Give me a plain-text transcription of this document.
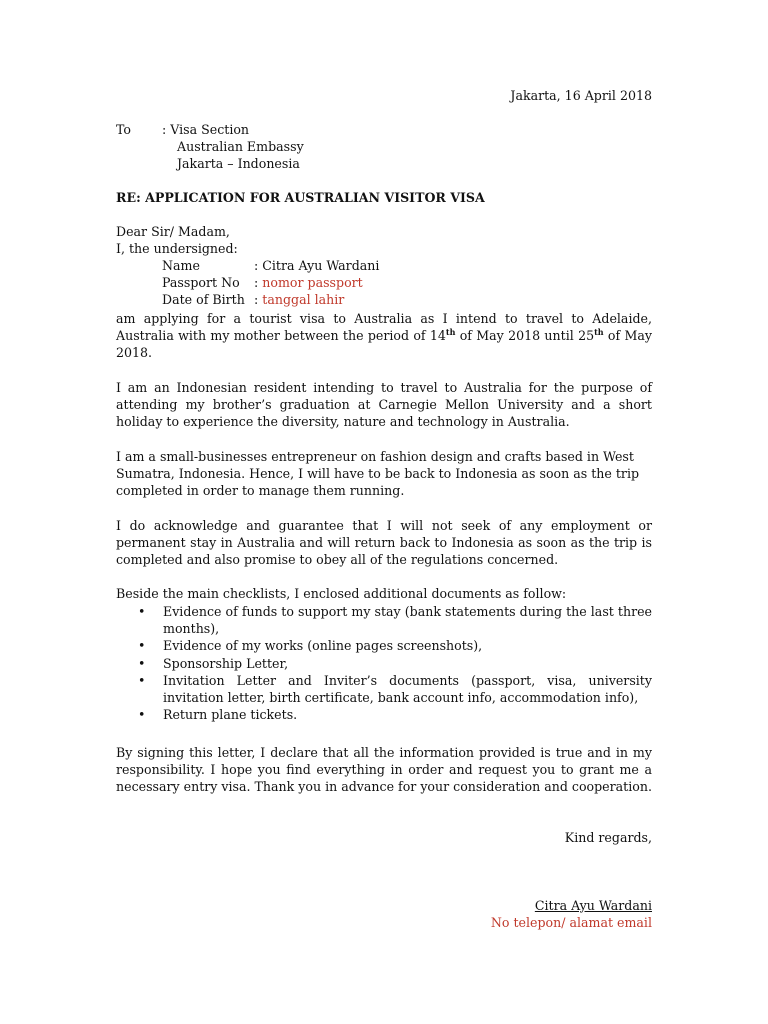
Jakarta, 16 April 2018
To : Visa Section
Australian Embassy
Jakarta – Indonesia
RE: APPLICATION FOR AUSTRALIAN VISITOR VISA
Dear Sir/ Madam,
I, the undersigned:
Name	: Citra Ayu Wardani
Passport No : nomor passport
Date of Birth : tanggal lahir
am applying for a tourist visa to Australia as I intend to travel to Adelaide, Australia with my mother between the period of 14th of May 2018 until 25th of May 2018.
I am an Indonesian resident intending to travel to Australia for the purpose of attending my brother’s graduation at Carnegie Mellon University and a short holiday to experience the diversity, nature and technology in Australia.
I am a small-businesses entrepreneur on fashion design and crafts based in West Sumatra, Indonesia. Hence, I will have to be back to Indonesia as soon as the trip completed in order to manage them running.
I do acknowledge and guarantee that I will not seek of any employment or permanent stay in Australia and will return back to Indonesia as soon as the trip is completed and also promise to obey all of the regulations concerned.
Beside the main checklists, I enclosed additional documents as follow:
• Evidence of funds to support my stay (bank statements during the last three months),
• Evidence of my works (online pages screenshots),
• Sponsorship Letter,
• Invitation Letter and Inviter’s documents (passport, visa, university invitation letter, birth certificate, bank account info, accommodation info),
• Return plane tickets.
By signing this letter, I declare that all the information provided is true and in my responsibility. I hope you find everything in order and request you to grant me a necessary entry visa. Thank you in advance for your consideration and cooperation.
Kind regards,
Citra Ayu Wardani
No telepon/ alamat email
